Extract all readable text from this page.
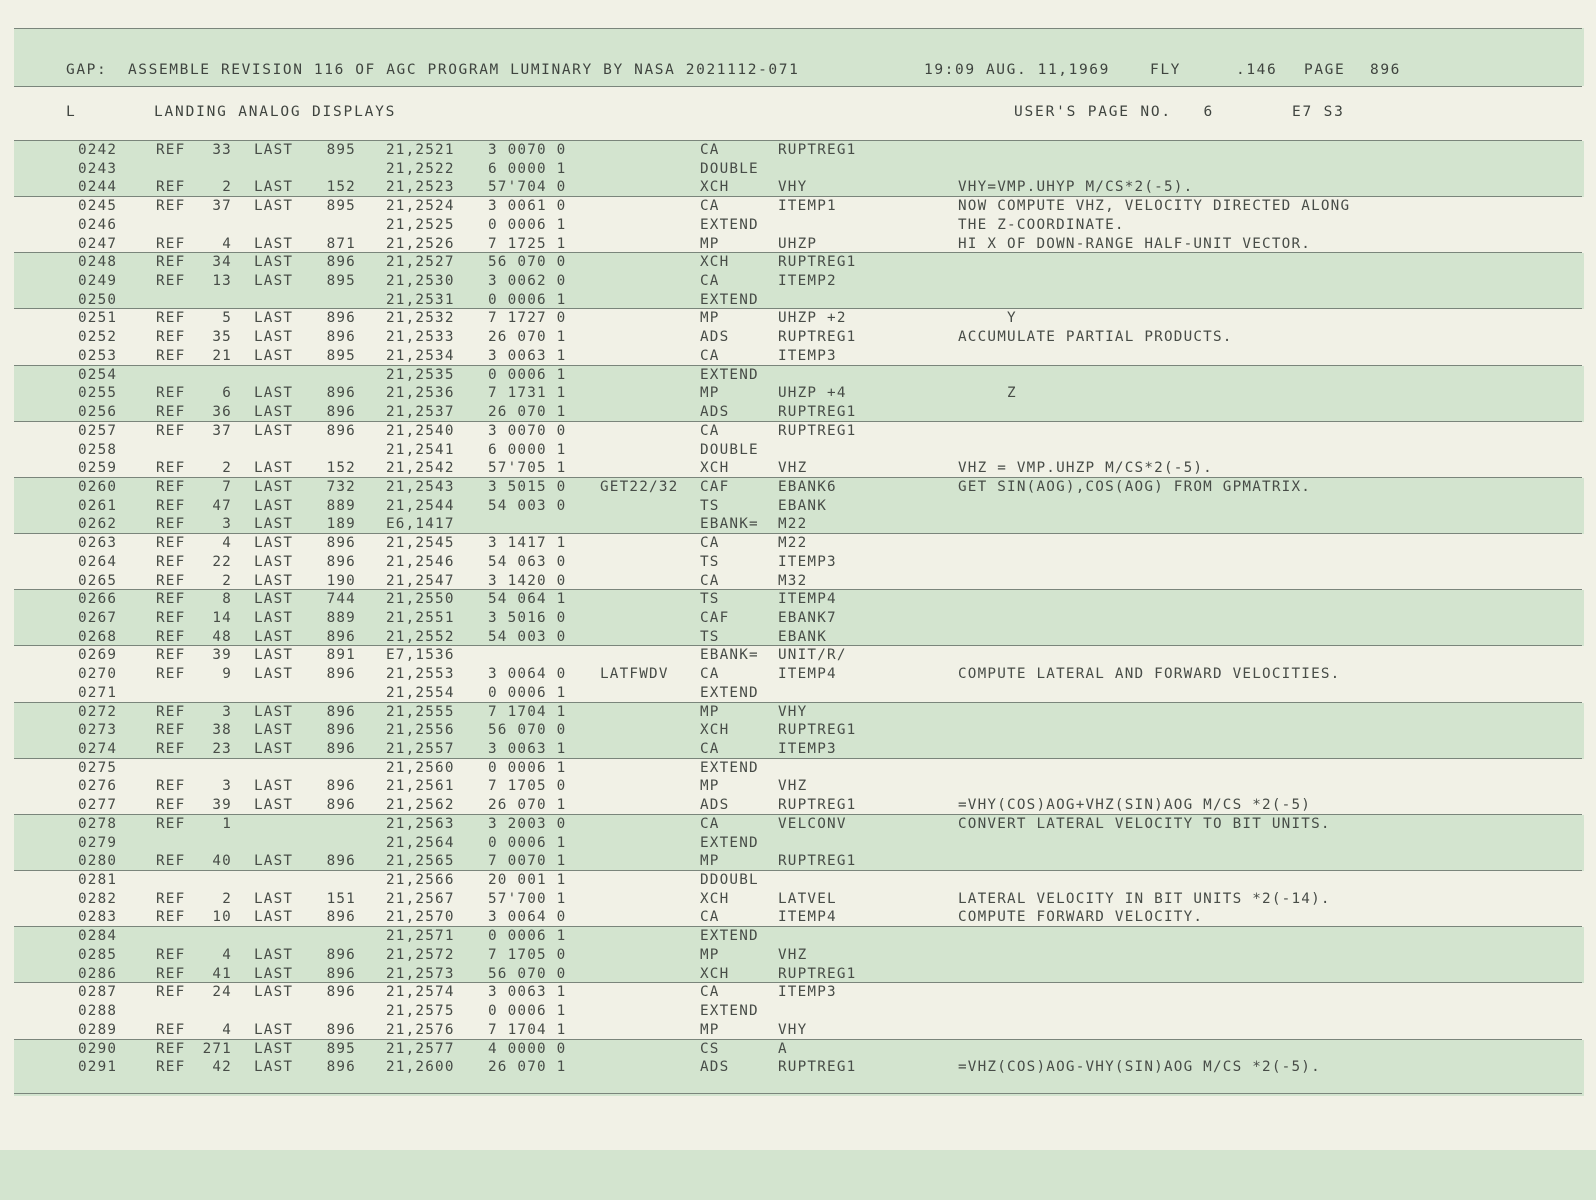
GAP:  ASSEMBLE REVISION 116 OF AGC PROGRAM LUMINARY BY NASA 2021112-071

	19:09 AUG. 11,1969

	FLY

	.146

PAGE

896

L	LANDING ANALOG DISPLAYS	USER'S PAGE NO.   6	E7 S3
0242	REF	33 LAST	895 21,2521 3 0070 0	CA	RUPTREG1
0243	21,2522 6 0000 1	DOUBLE
0244	REF	2 LAST	152 21,2523 57'704 0	XCH	VHY	VHY=VMP.UHYP M/CS*2(-5).
0245	REF	37 LAST	895 21,2524 3 0061 0	CA	ITEMP1	NOW COMPUTE VHZ, VELOCITY DIRECTED ALONG
0246	21,2525 0 0006 1	EXTEND	THE Z-COORDINATE.
0247	REF	4 LAST	871 21,2526 7 1725 1	MP	UHZP	HI X OF DOWN-RANGE HALF-UNIT VECTOR.
0248	REF	34 LAST	896 21,2527 56 070 0	XCH	RUPTREG1
0249	REF	13 LAST	895 21,2530 3 0062 0	CA	ITEMP2
0250	21,2531 0 0006 1	EXTEND
0251	REF	5 LAST	896 21,2532 7 1727 0	MP	UHZP +2	Y
0252	REF	35 LAST	896 21,2533 26 070 1	ADS	RUPTREG1	ACCUMULATE PARTIAL PRODUCTS.
0253	REF	21 LAST	895 21,2534 3 0063 1	CA	ITEMP3
0254	21,2535 0 0006 1	EXTEND
0255	REF	6 LAST	896 21,2536 7 1731 1	MP	UHZP +4	Z
0256	REF	36 LAST	896 21,2537 26 070 1	ADS	RUPTREG1
0257	REF	37 LAST	896 21,2540 3 0070 0	CA	RUPTREG1
0258	21,2541 6 0000 1	DOUBLE
0259	REF	2 LAST	152 21,2542 57'705 1	XCH	VHZ	VHZ = VMP.UHZP M/CS*2(-5).
0260	REF	7 LAST	732 21,2543 3 5015 0 GET22/32 CAF	EBANK6	GET SIN(AOG),COS(AOG) FROM GPMATRIX.
0261	REF	47 LAST	889 21,2544 54 003 0	TS	EBANK
0262	REF	3 LAST	189 E6,1417	EBANK= M22
0263	REF	4 LAST	896 21,2545 3 1417 1	CA	M22
0264	REF	22 LAST	896 21,2546 54 063 0	TS	ITEMP3
0265	REF	2 LAST	190 21,2547 3 1420 0	CA	M32
0266	REF	8 LAST	744 21,2550 54 064 1	TS	ITEMP4
0267	REF	14 LAST	889 21,2551 3 5016 0	CAF	EBANK7
0268	REF	48 LAST	896 21,2552 54 003 0	TS	EBANK
0269	REF	39 LAST	891 E7,1536	EBANK= UNIT/R/
0270	REF	9 LAST	896 21,2553 3 0064 0 LATFWDV CA	ITEMP4	COMPUTE LATERAL AND FORWARD VELOCITIES.
0271	21,2554 0 0006 1	EXTEND
0272	REF	3 LAST	896 21,2555 7 1704 1	MP	VHY
0273	REF	38 LAST	896 21,2556 56 070 0	XCH	RUPTREG1
0274	REF	23 LAST	896 21,2557 3 0063 1	CA	ITEMP3
0275	21,2560 0 0006 1	EXTEND
0276	REF	3 LAST	896 21,2561 7 1705 0	MP	VHZ
0277	REF	39 LAST	896 21,2562 26 070 1	ADS	RUPTREG1	=VHY(COS)AOG+VHZ(SIN)AOG M/CS *2(-5)
0278	REF	1	21,2563 3 2003 0	CA	VELCONV	CONVERT LATERAL VELOCITY TO BIT UNITS.
0279	21,2564 0 0006 1	EXTEND
0280	REF	40 LAST	896 21,2565 7 0070 1	MP	RUPTREG1
0281	21,2566 20 001 1	DDOUBL
0282	REF	2 LAST	151 21,2567 57'700 1	XCH	LATVEL	LATERAL VELOCITY IN BIT UNITS *2(-14).
0283	REF	10 LAST	896 21,2570 3 0064 0	CA	ITEMP4	COMPUTE FORWARD VELOCITY.
0284	21,2571 0 0006 1	EXTEND
0285	REF	4 LAST	896 21,2572 7 1705 0	MP	VHZ
0286	REF	41 LAST	896 21,2573 56 070 0	XCH	RUPTREG1
0287	REF	24 LAST	896 21,2574 3 0063 1	CA	ITEMP3
0288	21,2575 0 0006 1	EXTEND
0289	REF	4 LAST	896 21,2576 7 1704 1	MP	VHY
0290	REF	271 LAST	895 21,2577 4 0000 0	CS	A
0291	REF	42 LAST	896 21,2600 26 070 1	ADS	RUPTREG1	=VHZ(COS)AOG-VHY(SIN)AOG M/CS *2(-5).
